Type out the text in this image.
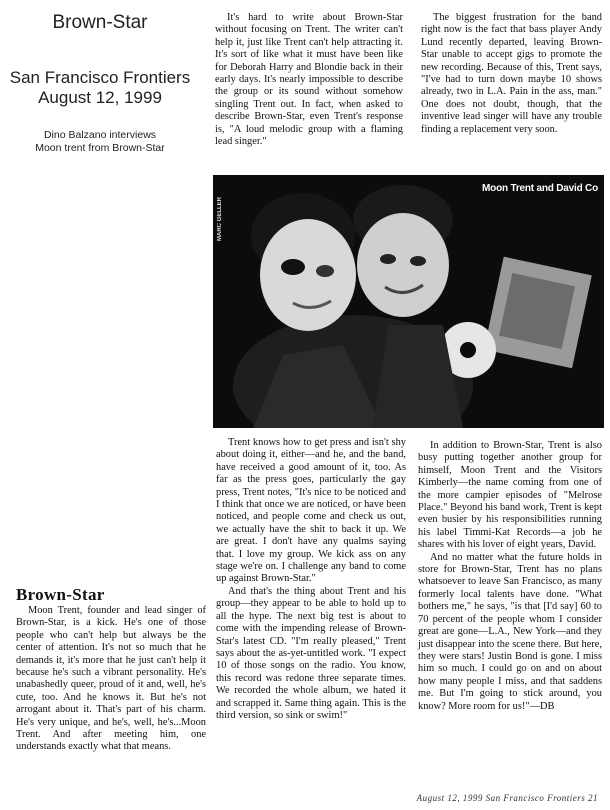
Brown-Star
San Francisco Frontiers
August 12, 1999
Dino Balzano interviews
Moon trent from Brown-Star

It's hard to write about Brown-Star without focusing on Trent. The writer can't help it, just like Trent can't help attracting it. It's sort of like what it must have been like for Deborah Harry and Blondie back in their early days. It's nearly impossible to describe the group or its sound without somehow singling Trent out. In fact, when asked to describe Brown-Star, even Trent's response is, "A loud melodic group with a flaming lead singer."

The biggest frustration for the band right now is the fact that bass player Andy Lund recently departed, leaving Brown-Star unable to accept gigs to promote the new recording. Because of this, Trent says, "I've had to turn down maybe 10 shows already, two in L.A. Pain in the ass, man." One does not doubt, though, that the inventive lead singer will have any trouble finding a replacement very soon.

Moon Trent and David Co
MARC GELLER
Brown-Star

Moon Trent, founder and lead singer of Brown-Star, is a kick. He's one of those people who can't help but always be the center of attention. It's not so much that he demands it, it's more that he just can't help it because he's such a vibrant personality. He's unabashedly queer, proud of it and, well, he's cute, too. And he knows it. But he's not arrogant about it. That's part of his charm. He's very unique, and he's, well, he's...Moon Trent. And after meeting him, one understands exactly what that means.

Trent knows how to get press and isn't shy about doing it, either—and he, and the band, have received a good amount of it, too. As far as the press goes, particularly the gay press, Trent notes, "It's nice to be noticed and I think that once we are noticed, or have been noticed, and people come and check us out, we actually have the shit to back it up. We are great. I don't have any qualms saying that. I love my group. We kick ass on any stage we're on. I challenge any band to come up against Brown-Star."

And that's the thing about Trent and his group—they appear to be able to hold up to all the hype. The next big test is about to come with the impending release of Brown-Star's latest CD. "I'm really pleased," Trent says about the as-yet-untitled work. "I expect 10 of those songs on the radio. You know, this record was redone three separate times. We recorded the whole album, we hated it and scrapped it. Same thing again. This is the third version, so sink or swim!"

In addition to Brown-Star, Trent is also busy putting together another group for himself, Moon Trent and the Visitors Kimberly—the name coming from one of the more campier episodes of "Melrose Place." Beyond his band work, Trent is kept even busier by his responsibilities running his label Timmi-Kat Records—a job he shares with his lover of eight years, David.

And no matter what the future holds in store for Brown-Star, Trent has no plans whatsoever to leave San Francisco, as many formerly local talents have done. "What bothers me," he says, "is that [I'd say] 60 to 70 percent of the people whom I consider great are gone—L.A., New York—and they just disappear into the scene there. But here, they were stars! Justin Bond is gone. I miss him so much. I could go on and on about how many people I miss, and that saddens me. But I'm going to stick around, you know? More room for us!"—DB

August 12, 1999 San Francisco Frontiers 21
